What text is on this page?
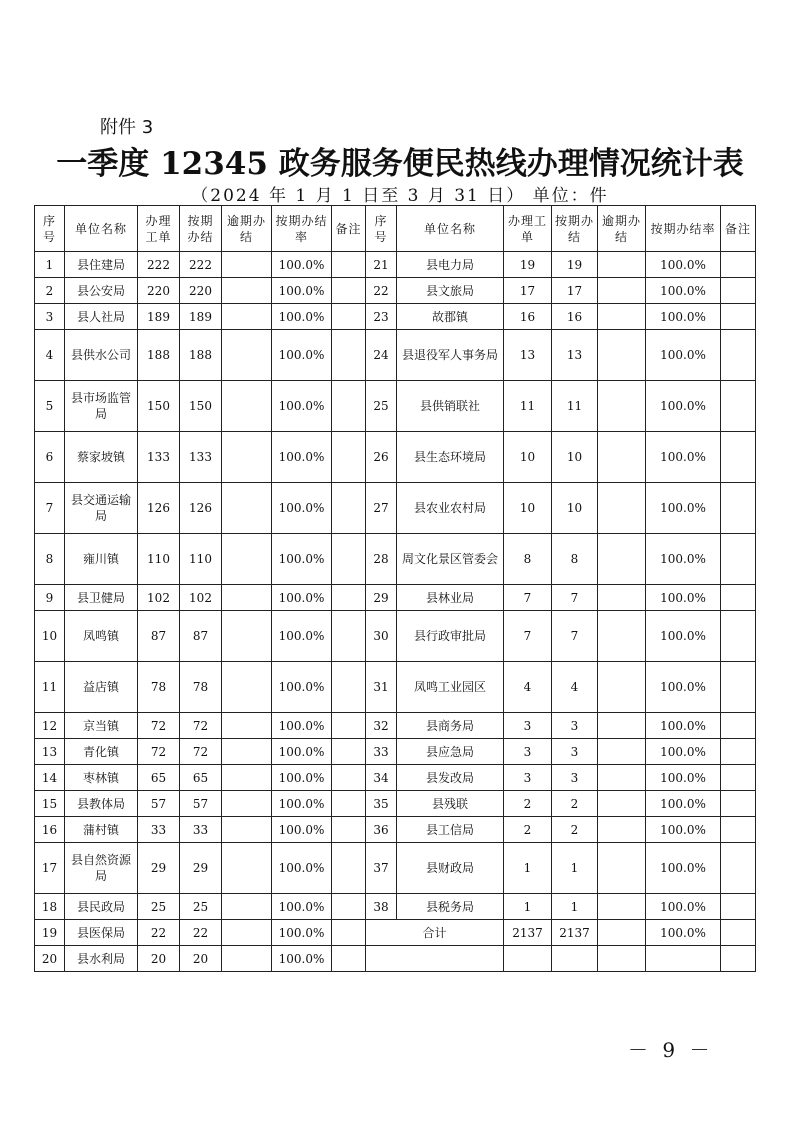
附件 3
一季度 12345 政务服务便民热线办理情况统计表
（2024 年 1 月 1 日至 3 月 31 日） 单位：件
序号	单位名称	办理工单	按期办结	逾期办结	按期办结率	备注	序号	单位名称	办理工单	按期办结	逾期办结	按期办结率	备注
1	县住建局	222	222		100.0%		21	县电力局	19	19		100.0%	
2	县公安局	220	220		100.0%		22	县文旅局	17	17		100.0%	
3	县人社局	189	189		100.0%		23	故郡镇	16	16		100.0%	
4	县供水公司	188	188		100.0%		24	县退役军人事务局	13	13		100.0%	
5	县市场监管局	150	150		100.0%		25	县供销联社	11	11		100.0%	
6	蔡家坡镇	133	133		100.0%		26	县生态环境局	10	10		100.0%	
7	县交通运输局	126	126		100.0%		27	县农业农村局	10	10		100.0%	
8	雍川镇	110	110		100.0%		28	周文化景区管委会	8	8		100.0%	
9	县卫健局	102	102		100.0%		29	县林业局	7	7		100.0%	
10	凤鸣镇	87	87		100.0%		30	县行政审批局	7	7		100.0%	
11	益店镇	78	78		100.0%		31	凤鸣工业园区	4	4		100.0%	
12	京当镇	72	72		100.0%		32	县商务局	3	3		100.0%	
13	青化镇	72	72		100.0%		33	县应急局	3	3		100.0%	
14	枣林镇	65	65		100.0%		34	县发改局	3	3		100.0%	
15	县教体局	57	57		100.0%		35	县残联	2	2		100.0%	
16	蒲村镇	33	33		100.0%		36	县工信局	2	2		100.0%	
17	县自然资源局	29	29		100.0%		37	县财政局	1	1		100.0%	
18	县民政局	25	25		100.0%		38	县税务局	1	1		100.0%	
19	县医保局	22	22		100.0%		合计		2137	2137		100.0%	
20	县水利局	20	20		100.0%								
－ 9 －
